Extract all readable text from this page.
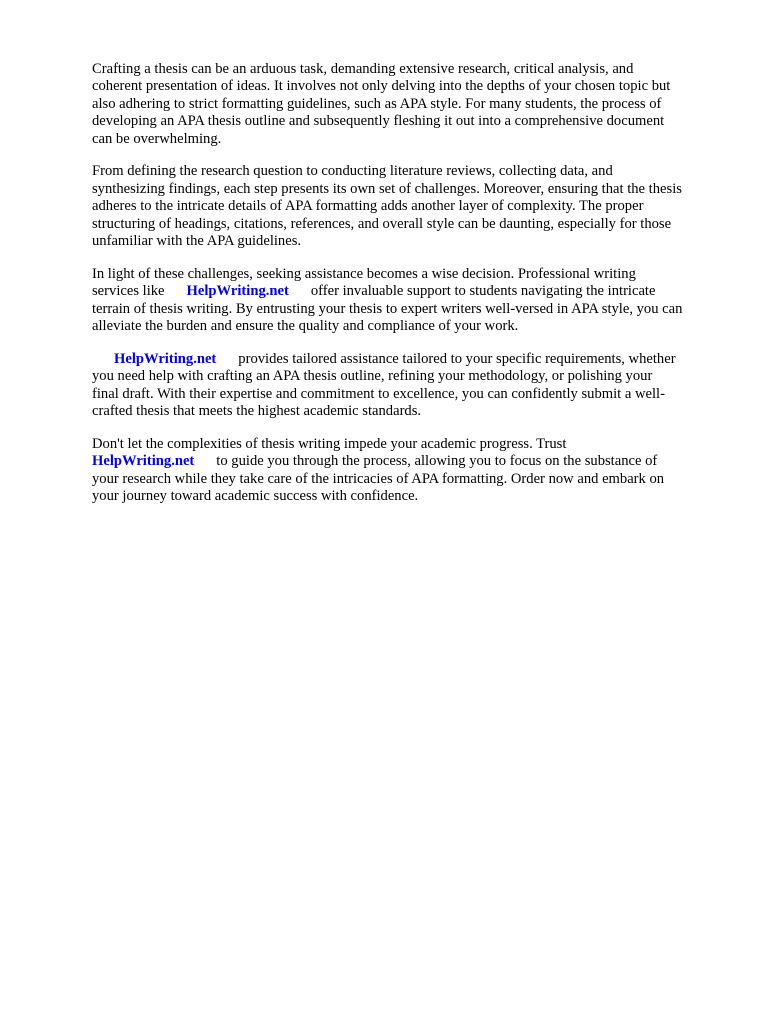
Crafting a thesis can be an arduous task, demanding extensive research, critical analysis, and
coherent presentation of ideas. It involves not only delving into the depths of your chosen topic but
also adhering to strict formatting guidelines, such as APA style. For many students, the process of
developing an APA thesis outline and subsequently fleshing it out into a comprehensive document
can be overwhelming.
From defining the research question to conducting literature reviews, collecting data, and
synthesizing findings, each step presents its own set of challenges. Moreover, ensuring that the thesis
adheres to the intricate details of APA formatting adds another layer of complexity. The proper
structuring of headings, citations, references, and overall style can be daunting, especially for those
unfamiliar with the APA guidelines.
In light of these challenges, seeking assistance becomes a wise decision. Professional writing
services like HelpWriting.net offer invaluable support to students navigating the intricate
terrain of thesis writing. By entrusting your thesis to expert writers well-versed in APA style, you can
alleviate the burden and ensure the quality and compliance of your work.
HelpWriting.net provides tailored assistance tailored to your specific requirements, whether
you need help with crafting an APA thesis outline, refining your methodology, or polishing your
final draft. With their expertise and commitment to excellence, you can confidently submit a well-
crafted thesis that meets the highest academic standards.
Don't let the complexities of thesis writing impede your academic progress. Trust
HelpWriting.net to guide you through the process, allowing you to focus on the substance of
your research while they take care of the intricacies of APA formatting. Order now and embark on
your journey toward academic success with confidence.
